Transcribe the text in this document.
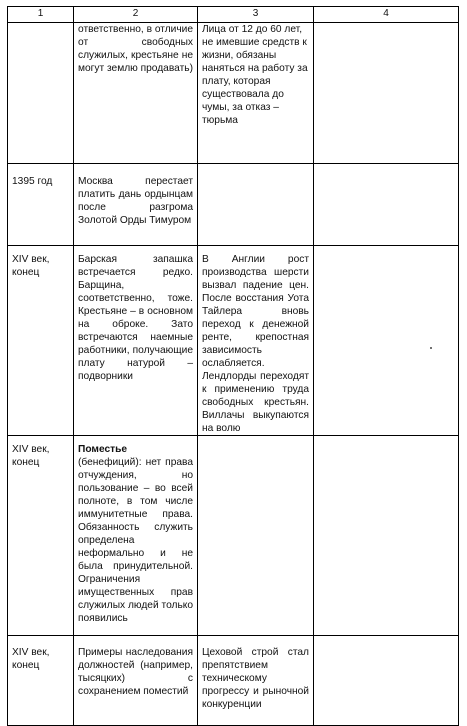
1	2	3	4
	ответственно, в отличие от свободных служилых, крестьяне не могут землю продавать)	Лица от 12 до 60 лет, не имевшие средств к жизни, обязаны наняться на работу за плату, которая существовала до чумы, за отказ – тюрьма	
1395 год	Москва перестает платить дань ордынцам после разгрома Золотой Орды Тимуром		
XIV век, конец	Барская запашка встречается редко. Барщина, соответственно, тоже. Крестьяне – в основном на оброке. Зато встречаются наемные работники, получающие плату натурой – подворники	В Англии рост производства шерсти вызвал падение цен. После восстания Уота Тайлера вновь переход к денежной ренте, крепостная зависимость ослабляется. Лендлорды переходят к применению труда свободных крестьян. Виллачы выкупаются на волю	
XIV век, конец	Поместье (бенефиций): нет права отчуждения, но пользование – во всей полноте, в том числе иммунитетные права. Обязанность служить определена неформально и не была принудительной. Ограничения имущественных прав служилых людей только появились		
XIV век, конец	Примеры наследования должностей (например, тысяцких) с сохранением поместий	Цеховой строй стал препятствием техническому прогрессу и рыночной конкуренции	
